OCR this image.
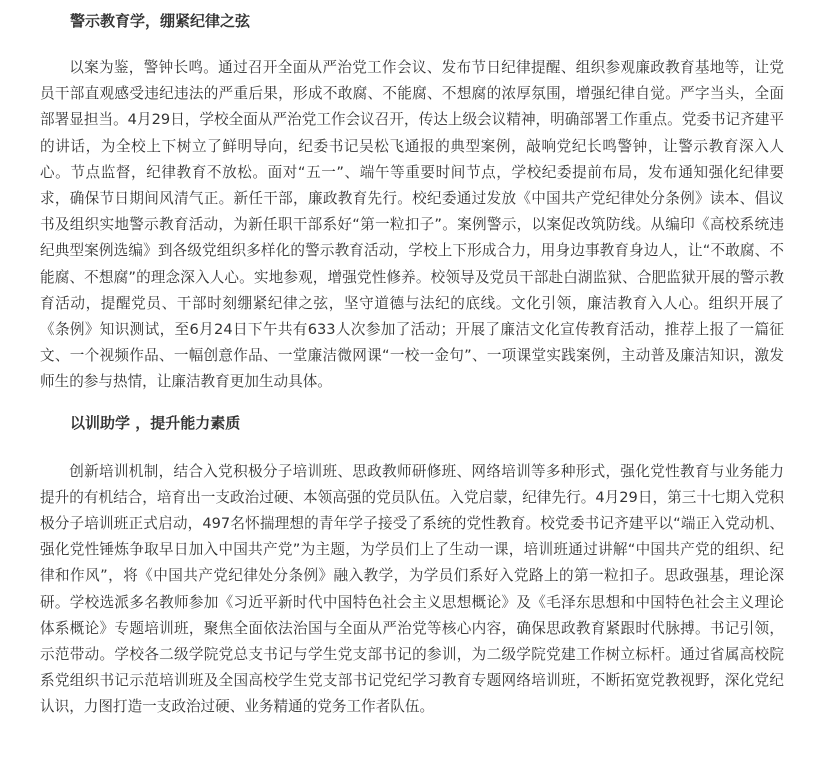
警示教育学，绷紧纪律之弦

以案为鉴，警钟长鸣。通过召开全面从严治党工作会议、发布节日纪律提醒、组织参观廉政教育基地等，让党员干部直观感受违纪违法的严重后果，形成不敢腐、不能腐、不想腐的浓厚氛围，增强纪律自觉。严字当头，全面部署显担当。4月29日，学校全面从严治党工作会议召开，传达上级会议精神，明确部署工作重点。党委书记齐建平的讲话，为全校上下树立了鲜明导向，纪委书记吴松飞通报的典型案例，敲响党纪长鸣警钟，让警示教育深入人心。节点监督，纪律教育不放松。面对“五一”、端午等重要时间节点，学校纪委提前布局，发布通知强化纪律要求，确保节日期间风清气正。新任干部，廉政教育先行。校纪委通过发放《中国共产党纪律处分条例》读本、倡议书及组织实地警示教育活动，为新任职干部系好“第一粒扣子”。案例警示，以案促改筑防线。从编印《高校系统违纪典型案例选编》到各级党组织多样化的警示教育活动，学校上下形成合力，用身边事教育身边人，让“不敢腐、不能腐、不想腐”的理念深入人心。实地参观，增强党性修养。校领导及党员干部赴白湖监狱、合肥监狱开展的警示教育活动，提醒党员、干部时刻绷紧纪律之弦，坚守道德与法纪的底线。文化引领，廉洁教育入人心。组织开展了《条例》知识测试，至6月24日下午共有633人次参加了活动；开展了廉洁文化宣传教育活动，推荐上报了一篇征文、一个视频作品、一幅创意作品、一堂廉洁微网课“一校一金句”、一项课堂实践案例，主动普及廉洁知识，激发师生的参与热情，让廉洁教育更加生动具体。

以训助学 ，提升能力素质

创新培训机制，结合入党积极分子培训班、思政教师研修班、网络培训等多种形式，强化党性教育与业务能力提升的有机结合，培育出一支政治过硬、本领高强的党员队伍。入党启蒙，纪律先行。4月29日，第三十七期入党积极分子培训班正式启动，497名怀揣理想的青年学子接受了系统的党性教育。校党委书记齐建平以“端正入党动机、强化党性锤炼争取早日加入中国共产党”为主题，为学员们上了生动一课，培训班通过讲解“中国共产党的组织、纪律和作风”，将《中国共产党纪律处分条例》融入教学，为学员们系好入党路上的第一粒扣子。思政强基，理论深研。学校选派多名教师参加《习近平新时代中国特色社会主义思想概论》及《毛泽东思想和中国特色社会主义理论体系概论》专题培训班，聚焦全面依法治国与全面从严治党等核心内容，确保思政教育紧跟时代脉搏。书记引领，示范带动。学校各二级学院党总支书记与学生党支部书记的参训，为二级学院党建工作树立标杆。通过省属高校院系党组织书记示范培训班及全国高校学生党支部书记党纪学习教育专题网络培训班，不断拓宽党教视野，深化党纪认识，力图打造一支政治过硬、业务精通的党务工作者队伍。
